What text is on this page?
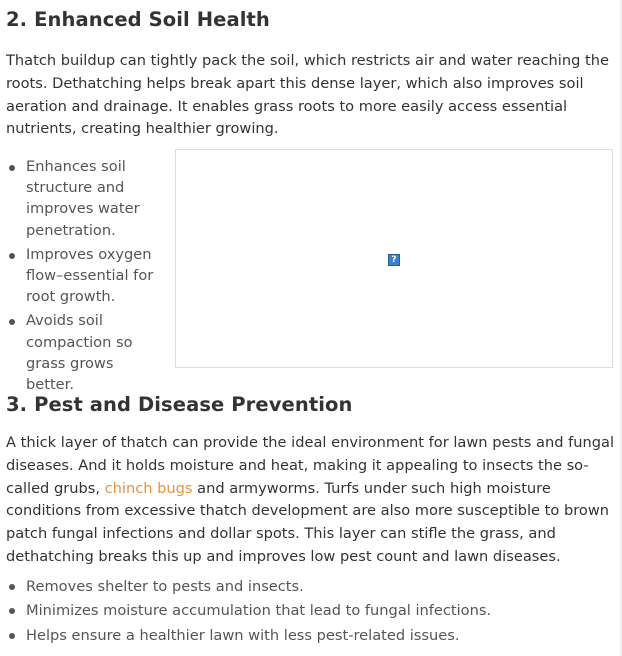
2. Enhanced Soil Health

Thatch buildup can tightly pack the soil, which restricts air and water reaching the roots. Dethatching helps break apart this dense layer, which also improves soil aeration and drainage. It enables grass roots to more easily access essential nutrients, creating healthier growing.

Enhances soil structure and improves water penetration.
Improves oxygen flow–essential for root growth.
Avoids soil compaction so grass grows better.
?
3. Pest and Disease Prevention

A thick layer of thatch can provide the ideal environment for lawn pests and fungal diseases. And it holds moisture and heat, making it appealing to insects the so-called grubs, chinch bugs and armyworms. Turfs under such high moisture conditions from excessive thatch development are also more susceptible to brown patch fungal infections and dollar spots. This layer can stifle the grass, and dethatching breaks this up and improves low pest count and lawn diseases.

Removes shelter to pests and insects.
Minimizes moisture accumulation that lead to fungal infections.
Helps ensure a healthier lawn with less pest-related issues.
